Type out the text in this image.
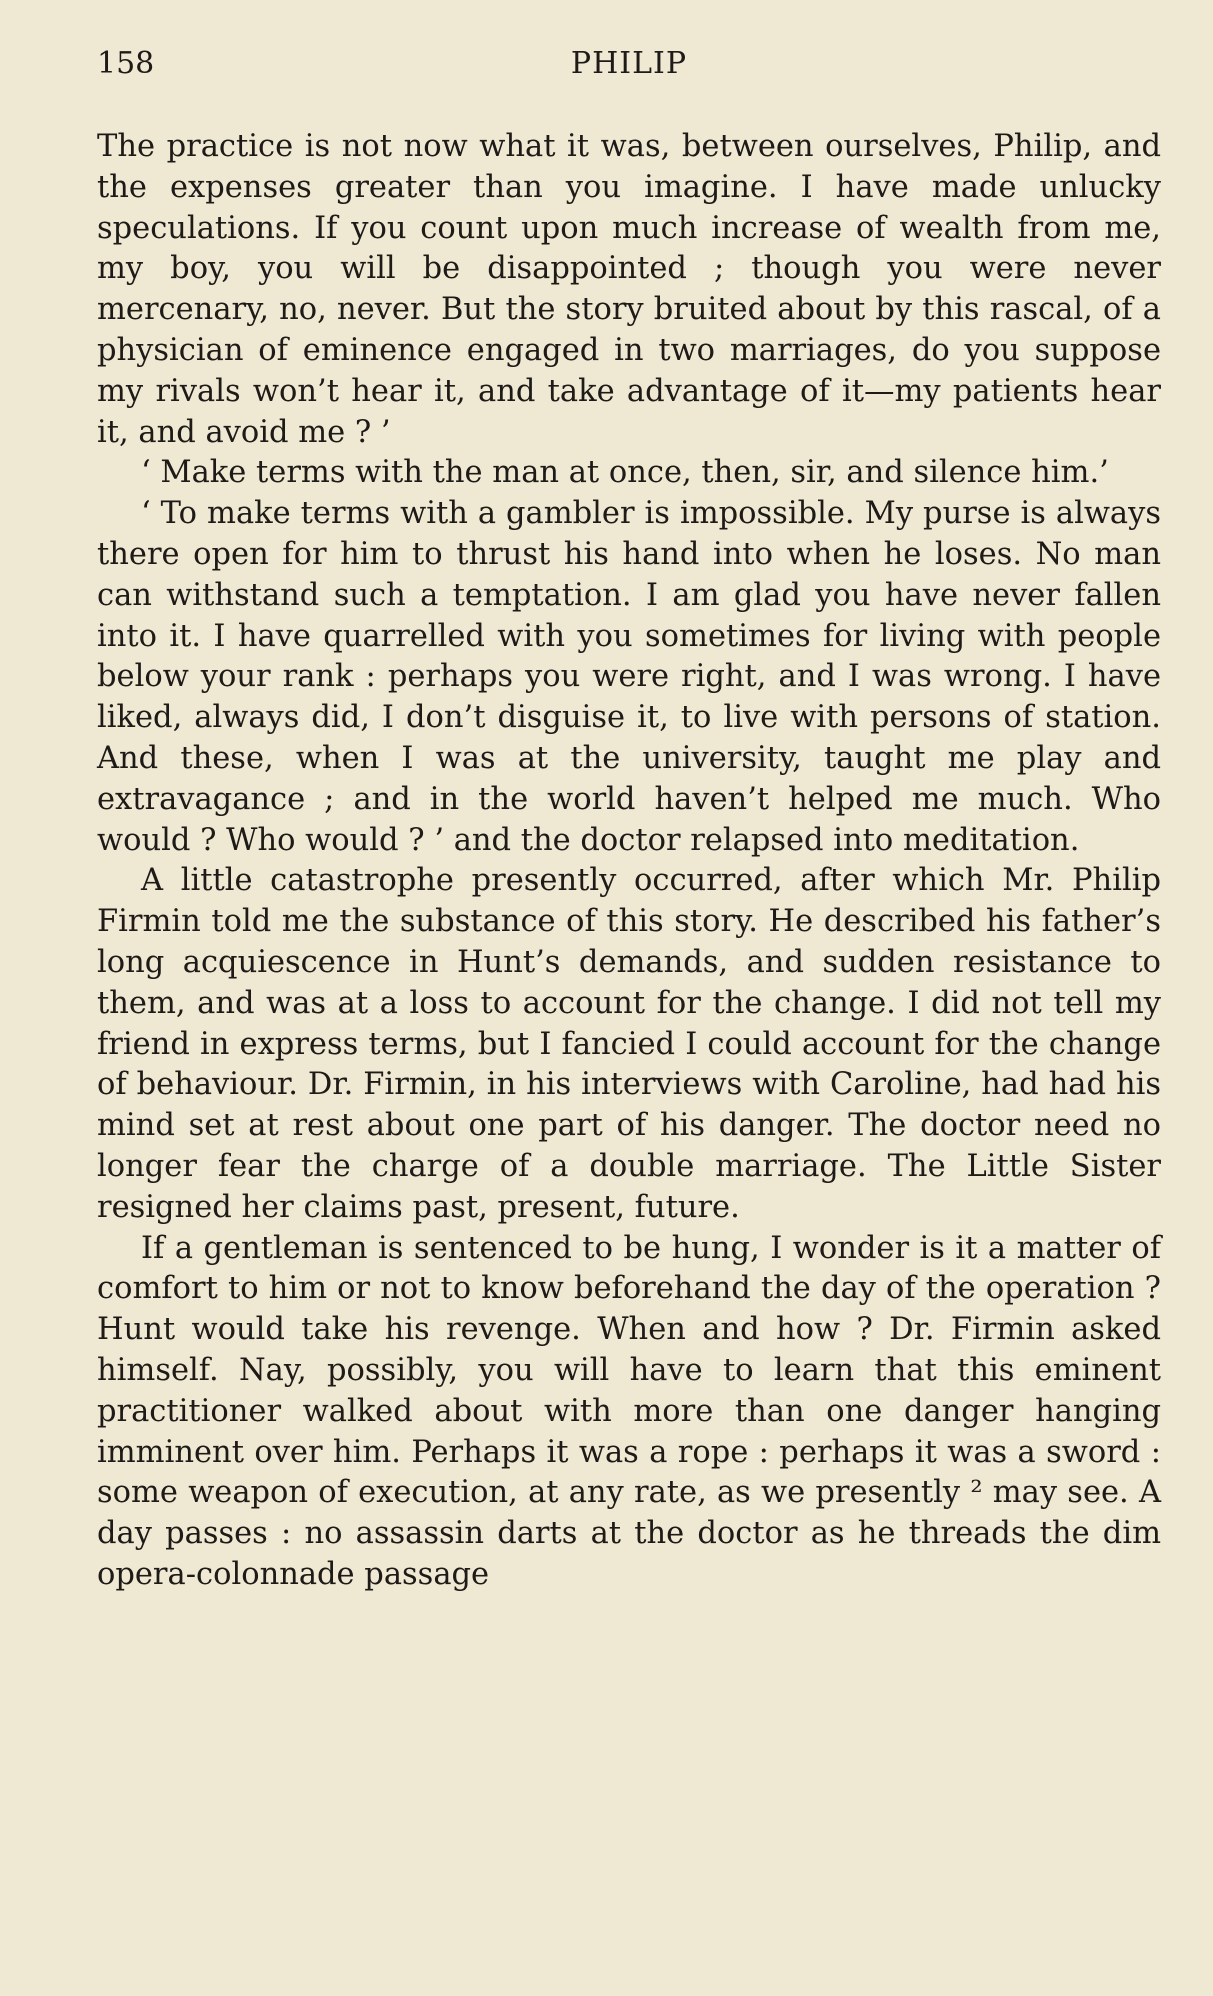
158	PHILIP

The practice is not now what it was, between ourselves, Philip, and the expenses greater than you imagine. I have made unlucky speculations. If you count upon much increase of wealth from me, my boy, you will be disappointed ; though you were never mercenary, no, never. But the story bruited about by this rascal, of a physician of eminence engaged in two marriages, do you suppose my rivals won’t hear it, and take advantage of it—my patients hear it, and avoid me ? ’

‘ Make terms with the man at once, then, sir, and silence him.’

‘ To make terms with a gambler is impossible. My purse is always there open for him to thrust his hand into when he loses. No man can withstand such a temptation. I am glad you have never fallen into it. I have quarrelled with you sometimes for living with people below your rank : perhaps you were right, and I was wrong. I have liked, always did, I don’t disguise it, to live with persons of station. And these, when I was at the university, taught me play and extravagance ; and in the world haven’t helped me much. Who would ? Who would ? ’ and the doctor relapsed into meditation.

A little catastrophe presently occurred, after which Mr. Philip Firmin told me the substance of this story. He described his father’s long acquiescence in Hunt’s demands, and sudden resistance to them, and was at a loss to account for the change. I did not tell my friend in express terms, but I fancied I could account for the change of behaviour. Dr. Firmin, in his interviews with Caroline, had had his mind set at rest about one part of his danger. The doctor need no longer fear the charge of a double marriage. The Little Sister resigned her claims past, present, future.

If a gentleman is sentenced to be hung, I wonder is it a matter of comfort to him or not to know beforehand the day of the operation ? Hunt would take his revenge. When and how ? Dr. Firmin asked himself. Nay, possibly, you will have to learn that this eminent practitioner walked about with more than one danger hanging imminent over him. Perhaps it was a rope : perhaps it was a sword : some weapon of execution, at any rate, as we presently ² may see. A day passes : no assassin darts at the doctor as he threads the dim opera-colonnade passage
